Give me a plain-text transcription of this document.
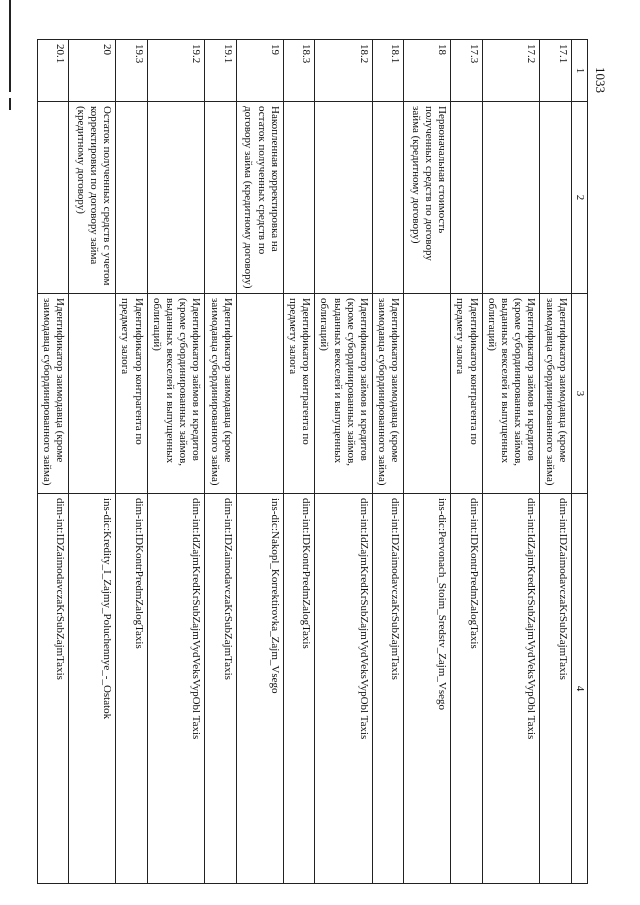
1033
1	2	3	4
17.1		Идентификатор заимодавца (кроме заимодавца субординированного займа)	dim-int:IDZaimodavczaKrSubZajmTaxis
17.2		Идентификатор займов и кредитов (кроме субординированных займов, выданных векселей и выпущенных облигаций)	dim-int:IdZajmKredKrSubZajmVydVeksVypObl Taxis
17.3		Идентификатор контрагента по предмету залога	dim-int:IDKontrPredmZalogTaxis
18	Первоначальная стоимость полученных средств по договору займа (кредитному договору)		ins-dic:Pervonach_Stoim_Sredstv_Zajm_Vsego
18.1		Идентификатор заимодавца (кроме заимодавца субординированного займа)	dim-int:IDZaimodavczaKrSubZajmTaxis
18.2		Идентификатор займов и кредитов (кроме субординированных займов, выданных векселей и выпущенных облигаций)	dim-int:IdZajmKredKrSubZajmVydVeksVypObl Taxis
18.3		Идентификатор контрагента по предмету залога	dim-int:IDKontrPredmZalogTaxis
19	Накопленная корректировка на остаток полученных средств по договору займа (кредитному договору)		ins-dic:Nakopl_Korrektirovka_Zajm_Vsego
19.1		Идентификатор заимодавца (кроме заимодавца субординированного займа)	dim-int:IDZaimodavczaKrSubZajmTaxis
19.2		Идентификатор займов и кредитов (кроме субординированных займов, выданных векселей и выпущенных облигаций)	dim-int:IdZajmKredKrSubZajmVydVeksVypObl Taxis
19.3		Идентификатор контрагента по предмету залога	dim-int:IDKontrPredmZalogTaxis
20	Остаток полученных средств с учетом корректировки по договору займа (кредитному договору)		ins-dic:Kredity_I_Zajmy_Poluchennye_-_Ostatok
20.1		Идентификатор заимодавца (кроме заимодавца субординированного займа)	dim-int:IDZaimodavczaKrSubZajmTaxis
